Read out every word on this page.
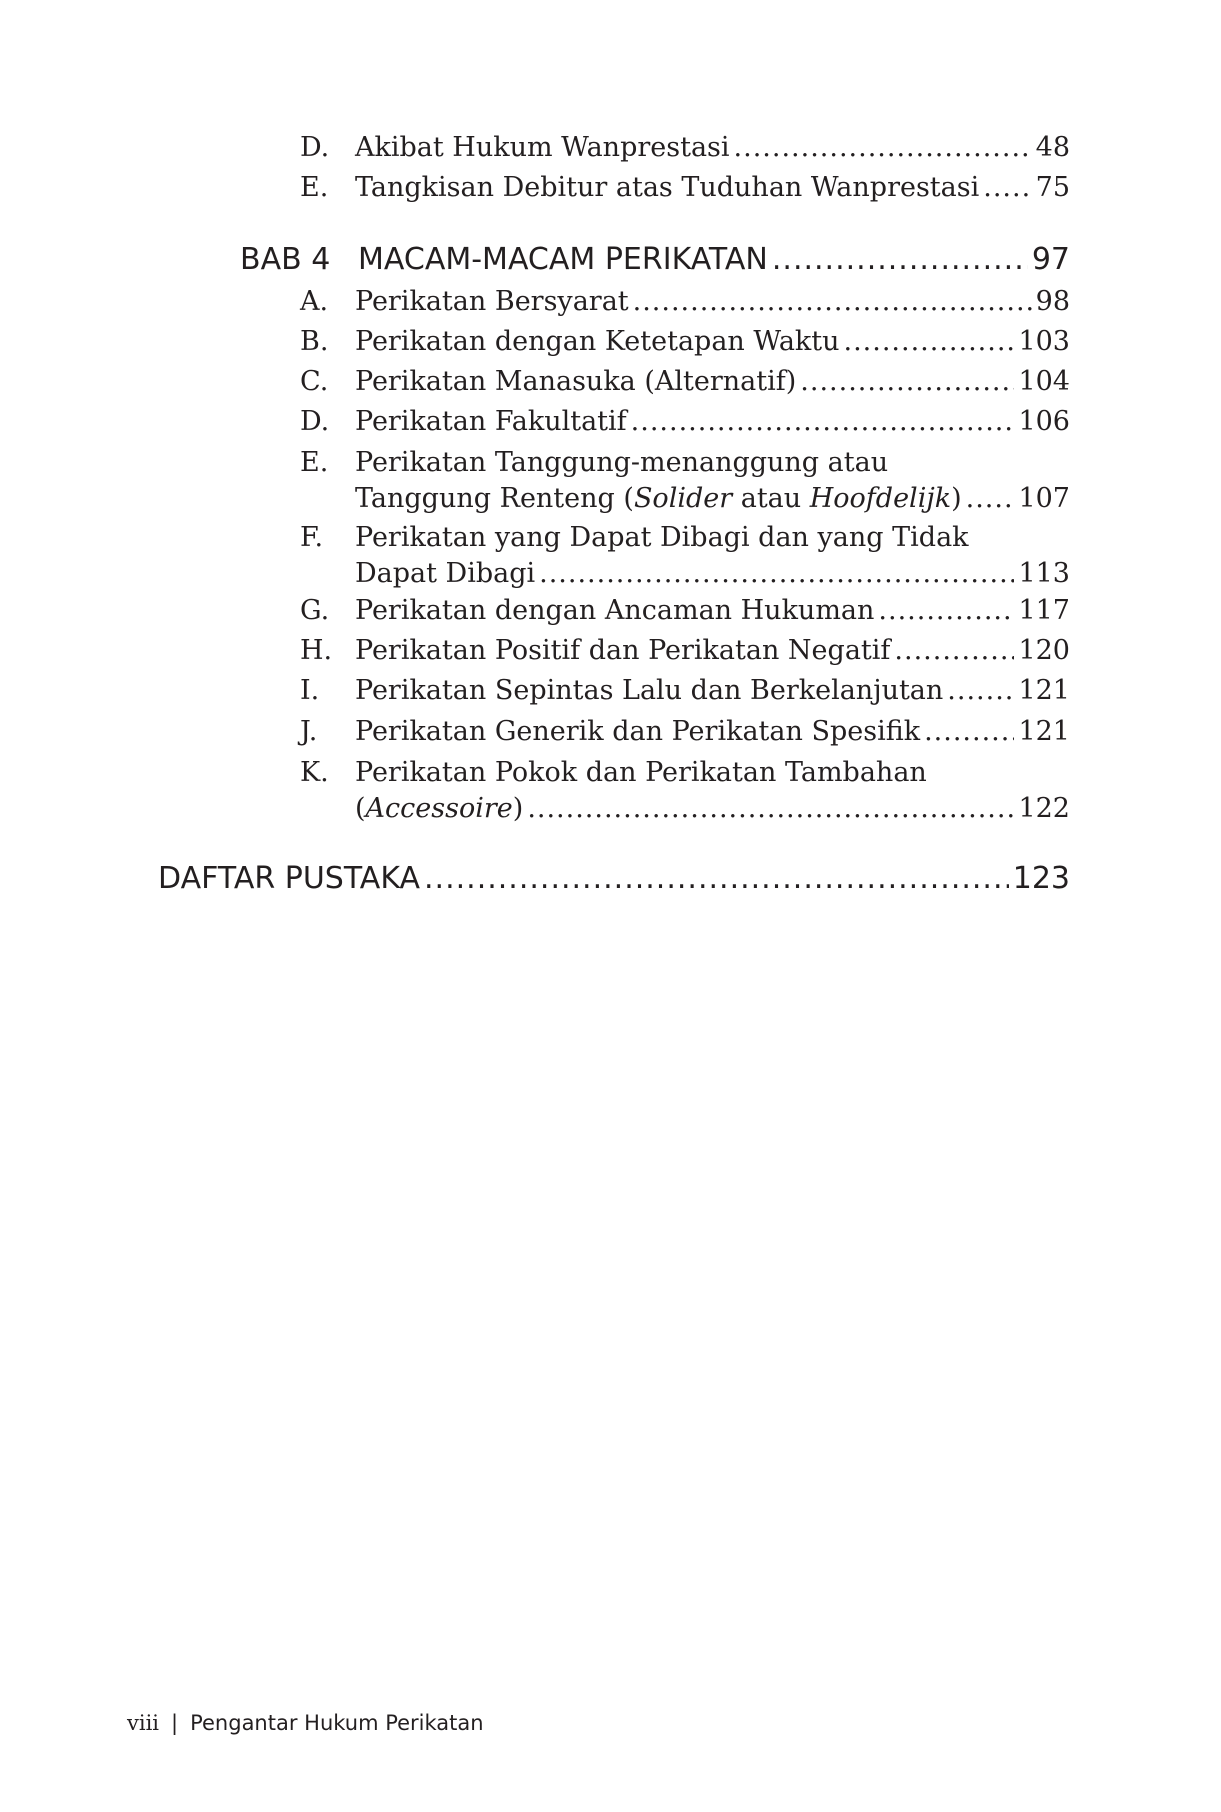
D. Akibat Hukum Wanprestasi .....	48
E. Tangkisan Debitur atas Tuduhan Wanprestasi ..... 75
BAB 4 MACAM-MACAM PERIKATAN .....	97
A. Perikatan Bersyarat .....	98
B. Perikatan dengan Ketetapan Waktu .....	103
C. Perikatan Manasuka (Alternatif) .....	104
D. Perikatan Fakultatif .....	106
E. Perikatan Tanggung-menanggung atau
Tanggung Renteng (Solider atau Hoofdelijk) ..... 107
F. Perikatan yang Dapat Dibagi dan yang Tidak
Dapat Dibagi .....	113
G. Perikatan dengan Ancaman Hukuman .....	117
H. Perikatan Positif dan Perikatan Negatif .....	120
I. Perikatan Sepintas Lalu dan Berkelanjutan .....	121
J. Perikatan Generik dan Perikatan Spesifik .....	121
K. Perikatan Pokok dan Perikatan Tambahan
(Accessoire) .....	122
DAFTAR PUSTAKA .....	123
viii | Pengantar Hukum Perikatan
